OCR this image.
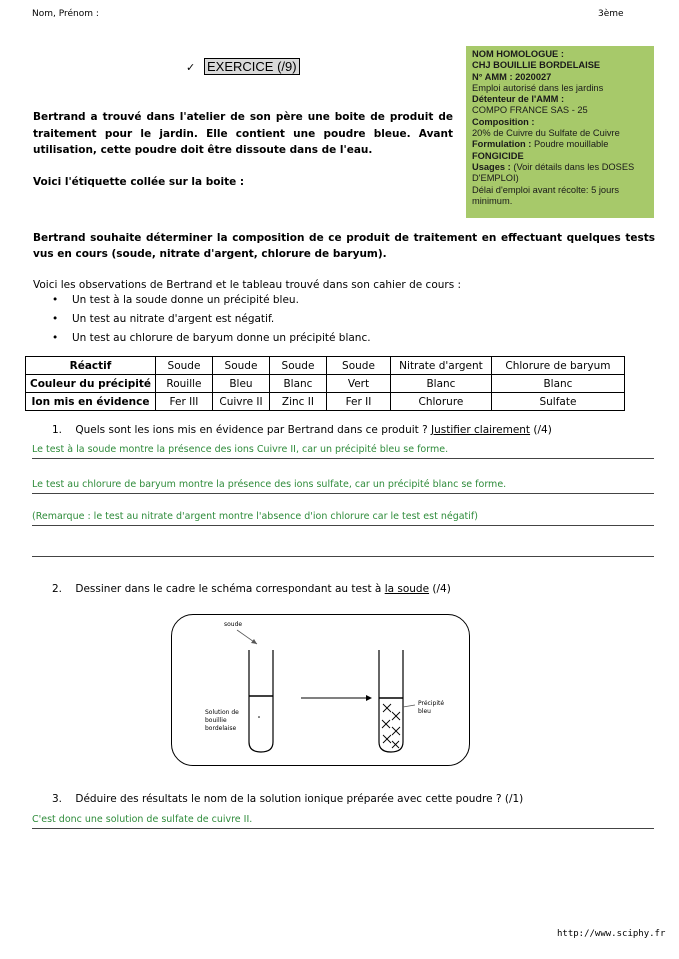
Nom, Prénom :	3ème
✓ EXERCICE (/9)
Bertrand a trouvé dans l'atelier de son père une boite de produit de traitement pour le jardin. Elle contient une poudre bleue. Avant utilisation, cette poudre doit être dissoute dans de l'eau.
Voici l'étiquette collée sur la boite :
NOM HOMOLOGUE :
CHJ BOUILLIE BORDELAISE
N° AMM : 2020027
Emploi autorisé dans les jardins
Détenteur de l'AMM :
COMPO FRANCE SAS - 25
Composition :
20% de Cuivre du Sulfate de Cuivre
Formulation : Poudre mouillable
FONGICIDE
Usages : (Voir détails dans les DOSES
D'EMPLOI)
Délai d'emploi avant récolte: 5 jours
minimum.
Bertrand souhaite déterminer la composition de ce produit de traitement en effectuant quelques tests vus en cours (soude, nitrate d'argent, chlorure de baryum).
Voici les observations de Bertrand et le tableau trouvé dans son cahier de cours :
• Un test à la soude donne un précipité bleu.
• Un test au nitrate d'argent est négatif.
• Un test au chlorure de baryum donne un précipité blanc.
Réactif	Soude	Soude	Soude	Soude	Nitrate d'argent	Chlorure de baryum
Couleur du précipité	Rouille	Bleu	Blanc	Vert	Blanc	Blanc
Ion mis en évidence	Fer III	Cuivre II	Zinc II	Fer II	Chlorure	Sulfate
1. Quels sont les ions mis en évidence par Bertrand dans ce produit ? Justifier clairement (/4)
Le test à la soude montre la présence des ions Cuivre II, car un précipité bleu se forme.
Le test au chlorure de baryum montre la présence des ions sulfate, car un précipité blanc se forme.
(Remarque : le test au nitrate d'argent montre l'absence d'ion chlorure car le test est négatif)
2. Dessiner dans le cadre le schéma correspondant au test à la soude (/4)
soude
Solution de
bouillie
bordelaise
Précipité
bleu
3. Déduire des résultats le nom de la solution ionique préparée avec cette poudre ? (/1)
C'est donc une solution de sulfate de cuivre II.
http://www.sciphy.fr
